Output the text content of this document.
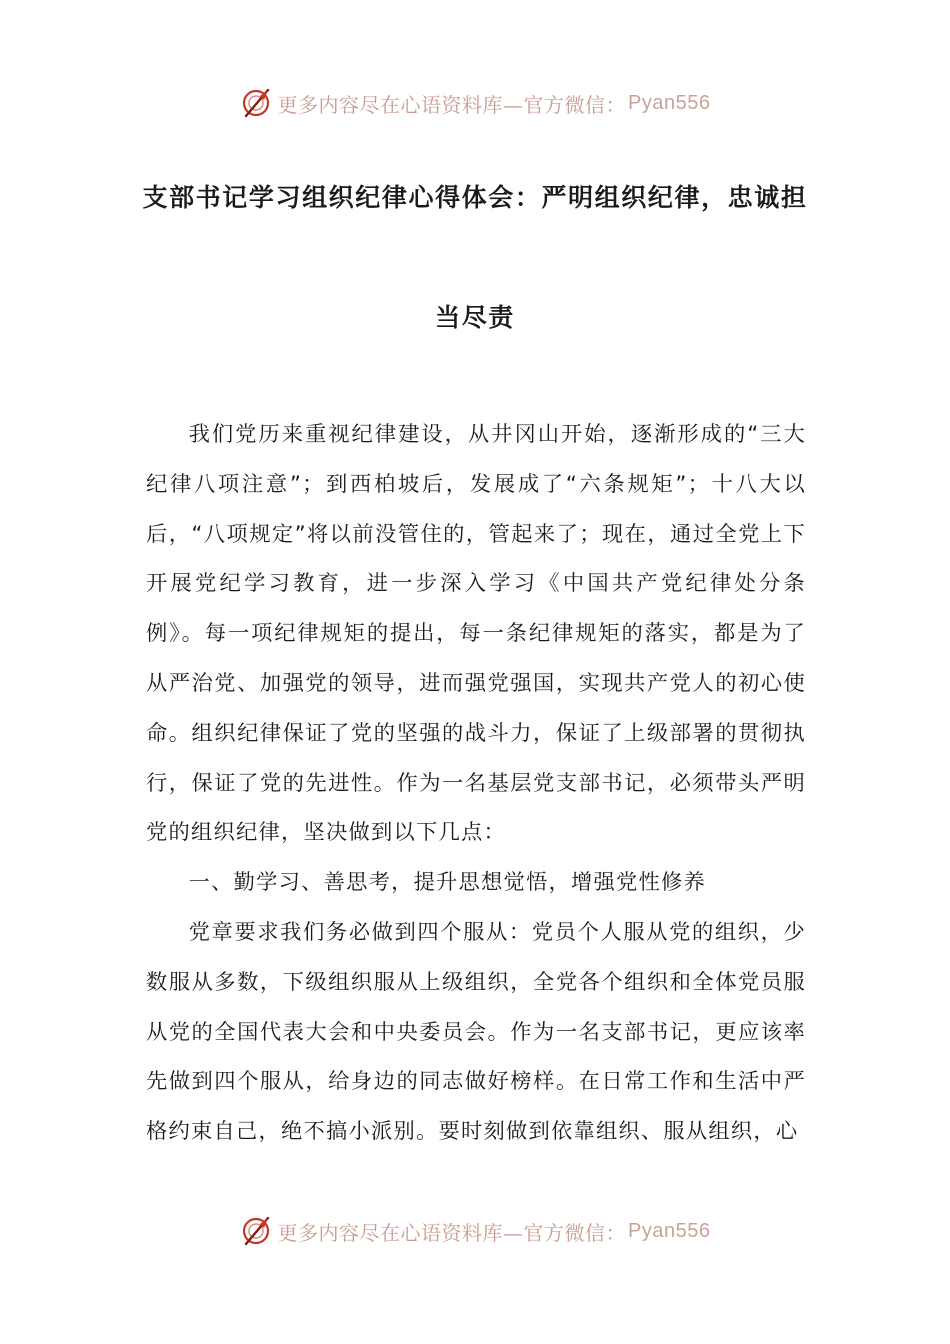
更多内容尽在心语资料库—官方微信： Pyan556
支部书记学习组织纪律心得体会：严明组织纪律，忠诚担
当尽责

我们党历来重视纪律建设，从井冈山开始，逐渐形成的“三大纪律八项注意”；到西柏坡后，发展成了“六条规矩”；十八大以后，“八项规定”将以前没管住的，管起来了；现在，通过全党上下开展党纪学习教育，进一步深入学习《中国共产党纪律处分条例》。每一项纪律规矩的提出，每一条纪律规矩的落实，都是为了从严治党、加强党的领导，进而强党强国，实现共产党人的初心使命。组织纪律保证了党的坚强的战斗力，保证了上级部署的贯彻执行，保证了党的先进性。作为一名基层党支部书记，必须带头严明党的组织纪律，坚决做到以下几点：

一、勤学习、善思考，提升思想觉悟，增强党性修养

党章要求我们务必做到四个服从：党员个人服从党的组织，少数服从多数，下级组织服从上级组织，全党各个组织和全体党员服从党的全国代表大会和中央委员会。作为一名支部书记，更应该率先做到四个服从，给身边的同志做好榜样。在日常工作和生活中严格约束自己，绝不搞小派别。要时刻做到依靠组织、服从组织，心

更多内容尽在心语资料库—官方微信： Pyan556
